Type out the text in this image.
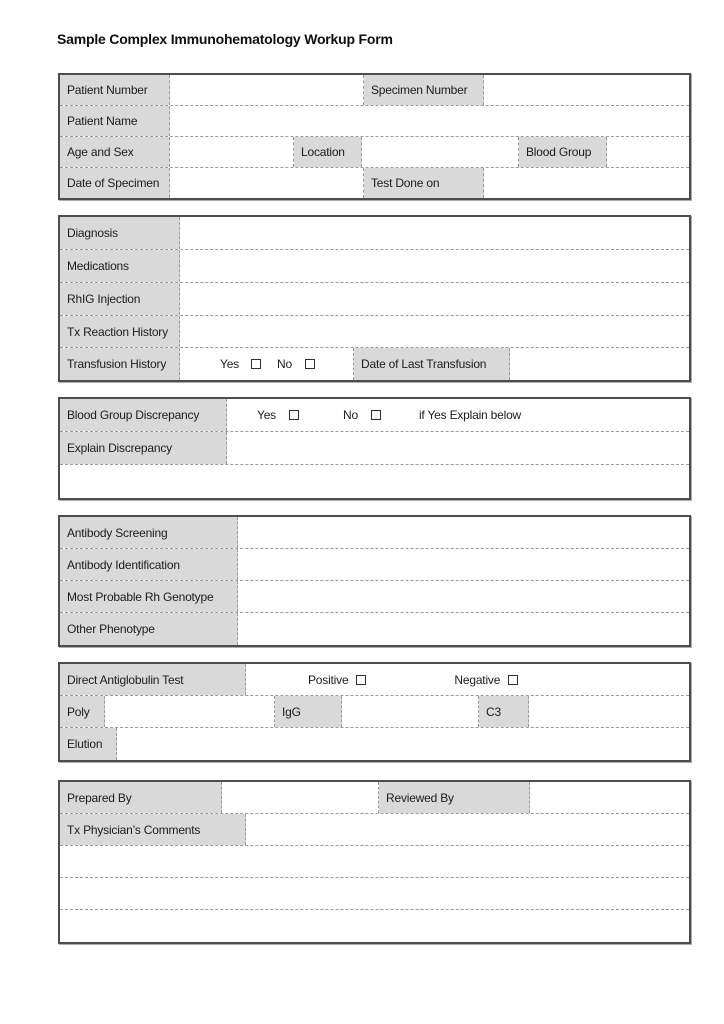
Sample Complex Immunohematology Workup Form
Patient Number	Specimen Number
Patient Name
Age and Sex	Location	Blood Group
Date of Specimen	Test Done on
Diagnosis
Medications
RhIG Injection
Tx Reaction History
Transfusion History	Yes	No	Date of Last Transfusion
Blood Group Discrepancy	Yes	No	if Yes Explain below
Explain Discrepancy
Antibody Screening
Antibody Identification
Most Probable Rh Genotype
Other Phenotype
Direct Antiglobulin Test	Positive	Negative
Poly	IgG	C3
Elution
Prepared By	Reviewed By
Tx Physician’s Comments
